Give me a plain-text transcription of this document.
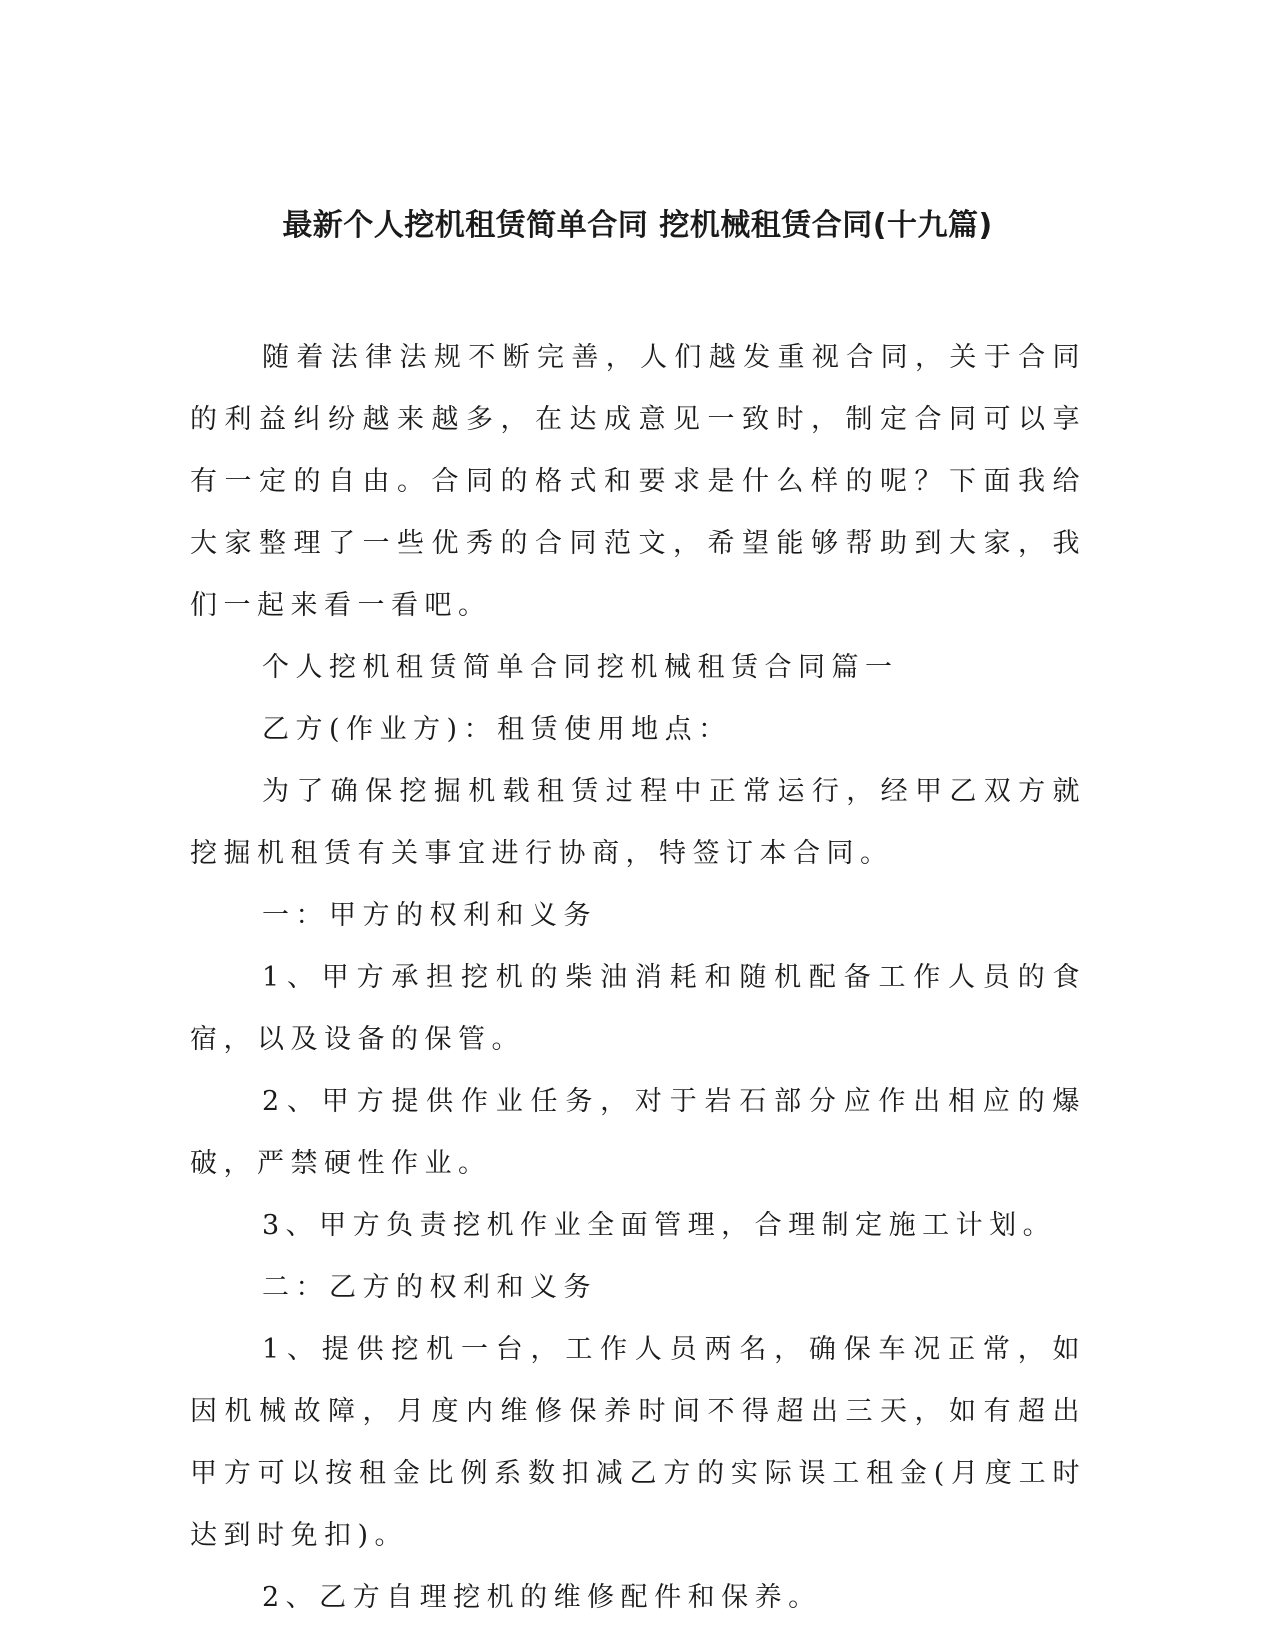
最新个人挖机租赁简单合同 挖机械租赁合同(十九篇)

随着法律法规不断完善，人们越发重视合同，关于合同的利益纠纷越来越多，在达成意见一致时，制定合同可以享有一定的自由。合同的格式和要求是什么样的呢？下面我给大家整理了一些优秀的合同范文，希望能够帮助到大家，我们一起来看一看吧。

个人挖机租赁简单合同挖机械租赁合同篇一

乙方(作业方)：租赁使用地点：

为了确保挖掘机载租赁过程中正常运行，经甲乙双方就挖掘机租赁有关事宜进行协商，特签订本合同。

一：甲方的权利和义务

1、甲方承担挖机的柴油消耗和随机配备工作人员的食宿，以及设备的保管。

2、甲方提供作业任务，对于岩石部分应作出相应的爆破，严禁硬性作业。

3、甲方负责挖机作业全面管理，合理制定施工计划。

二：乙方的权利和义务

1、提供挖机一台，工作人员两名，确保车况正常，如因机械故障，月度内维修保养时间不得超出三天，如有超出甲方可以按租金比例系数扣减乙方的实际误工租金(月度工时达到时免扣)。

2、乙方自理挖机的维修配件和保养。
